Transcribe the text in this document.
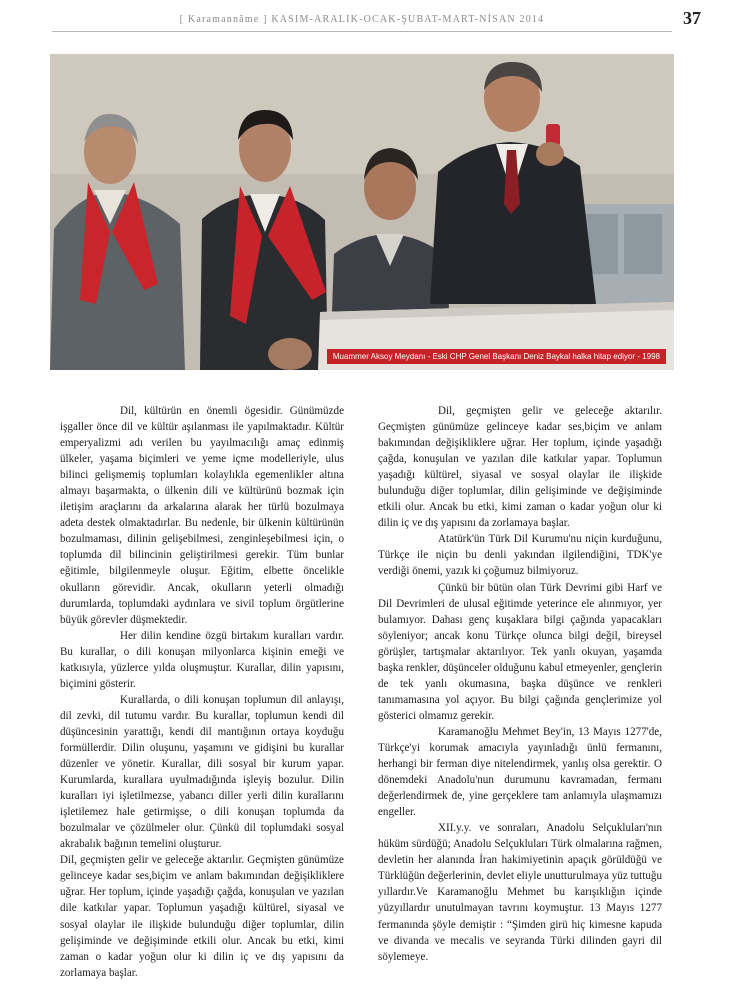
[ Karamannâme ] KASIM-ARALIK-OCAK-ŞUBAT-MART-NİSAN 2014	37
Muammer Aksoy Meydanı - Eski CHP Genel Başkanı Deniz Baykal halka hitap ediyor - 1998

Dil, kültürün en önemli ögesidir. Günümüzde işgaller önce dil ve kültür aşılanması ile yapılmaktadır. Kültür emperyalizmi adı verilen bu yayılmacılığı amaç edinmiş ülkeler, yaşama biçimleri ve yeme içme modelleriyle, ulus bilinci gelişmemiş toplumları kolaylıkla egemenlikler altına almayı başarmakta, o ülkenin dili ve kültürünü bozmak için iletişim araçlarını da arkalarına alarak her türlü bozulmaya adeta destek olmaktadırlar. Bu nedenle, bir ülkenin kültürünün bozulmaması, dilinin gelişebilmesi, zenginleşebilmesi için, o toplumda dil bilincinin geliştirilmesi gerekir. Tüm bunlar eğitimle, bilgilenmeyle oluşur. Eğitim, elbette öncelikle okulların görevidir. Ancak, okulların yeterli olmadığı durumlarda, toplumdaki aydınlara ve sivil toplum örgütlerine büyük görevler düşmektedir.

Her dilin kendine özgü birtakım kuralları vardır. Bu kurallar, o dili konuşan milyonlarca kişinin emeği ve katkısıyla, yüzlerce yılda oluşmuştur. Kurallar, dilin yapısını, biçimini gösterir.

Kurallarda, o dili konuşan toplumun dil anlayışı, dil zevki, dil tutumu vardır. Bu kurallar, toplumun kendi dil düşüncesinin yarattığı, kendi dil mantığının ortaya koyduğu formüllerdir. Dilin oluşunu, yaşamını ve gidişini bu kurallar düzenler ve yönetir. Kurallar, dili sosyal bir kurum yapar. Kurumlarda, kurallara uyulmadığında işleyiş bozulur. Dilin kuralları iyi işletilmezse, yabancı diller yerli dilin kurallarını işletilemez hale getirmişse, o dili konuşan toplumda da bozulmalar ve çözülmeler olur. Çünkü dil toplumdaki sosyal akrabalık bağının temelini oluşturur.

Dil, geçmişten gelir ve geleceğe aktarılır. Geçmişten günümüze gelinceye kadar ses,biçim ve anlam bakımından değişikliklere uğrar. Her toplum, içinde yaşadığı çağda, konuşulan ve yazılan dile katkılar yapar. Toplumun yaşadığı kültürel, siyasal ve sosyal olaylar ile ilişkide bulunduğu diğer toplumlar, dilin gelişiminde ve değişiminde etkili olur. Ancak bu etki, kimi zaman o kadar yoğun olur ki dilin iç ve dış yapısını da zorlamaya başlar.

Dil, geçmişten gelir ve geleceğe aktarılır. Geçmişten günümüze gelinceye kadar ses,biçim ve anlam bakımından değişikliklere uğrar. Her toplum, içinde yaşadığı çağda, konuşulan ve yazılan dile katkılar yapar. Toplumun yaşadığı kültürel, siyasal ve sosyal olaylar ile ilişkide bulunduğu diğer toplumlar, dilin gelişiminde ve değişiminde etkili olur. Ancak bu etki, kimi zaman o kadar yoğun olur ki dilin iç ve dış yapısını da zorlamaya başlar.

Atatürk'ün Türk Dil Kurumu'nu niçin kurduğunu, Türkçe ile niçin bu denli yakından ilgilendiğini, TDK'ye verdiği önemi, yazık ki çoğumuz bilmiyoruz.

Çünkü bir bütün olan Türk Devrimi gibi Harf ve Dil Devrimleri de ulusal eğitimde yeterince ele alınmıyor, yer bulamıyor. Dahası genç kuşaklara bilgi çağında yapacakları söyleniyor; ancak konu Türkçe olunca bilgi değil, bireysel görüşler, tartışmalar aktarılıyor. Tek yanlı okuyan, yaşamda başka renkler, düşünceler olduğunu kabul etmeyenler, gençlerin de tek yanlı okumasına, başka düşünce ve renkleri tanımamasına yol açıyor. Bu bilgi çağında gençlerimize yol gösterici olmamız gerekir.

Karamanoğlu Mehmet Bey'in, 13 Mayıs 1277'de, Türkçe'yi korumak amacıyla yayınladığı ünlü fermanını, herhangi bir ferman diye nitelendirmek, yanlış olsa gerektir. O dönemdeki Anadolu'nun durumunu kavramadan, fermanı değerlendirmek de, yine gerçeklere tam anlamıyla ulaşmamızı engeller.

XII.y.y. ve sonraları, Anadolu Selçukluları'nın hüküm sürdüğü; Anadolu Selçukluları Türk olmalarına rağmen, devletin her alanında İran hakimiyetinin apaçık görüldüğü ve Türklüğün değerlerinin, devlet eliyle unutturulmaya yüz tuttuğu yıllardır.Ve Karamanoğlu Mehmet bu karışıklığın içinde yüzyıllardır unutulmayan tavrını koymuştur. 13 Mayıs 1277 fermanında şöyle demiştir : “Şimden girü hiç kimesne kapuda ve divanda ve mecalis ve seyranda Türki dilinden gayri dil söylemeye.
